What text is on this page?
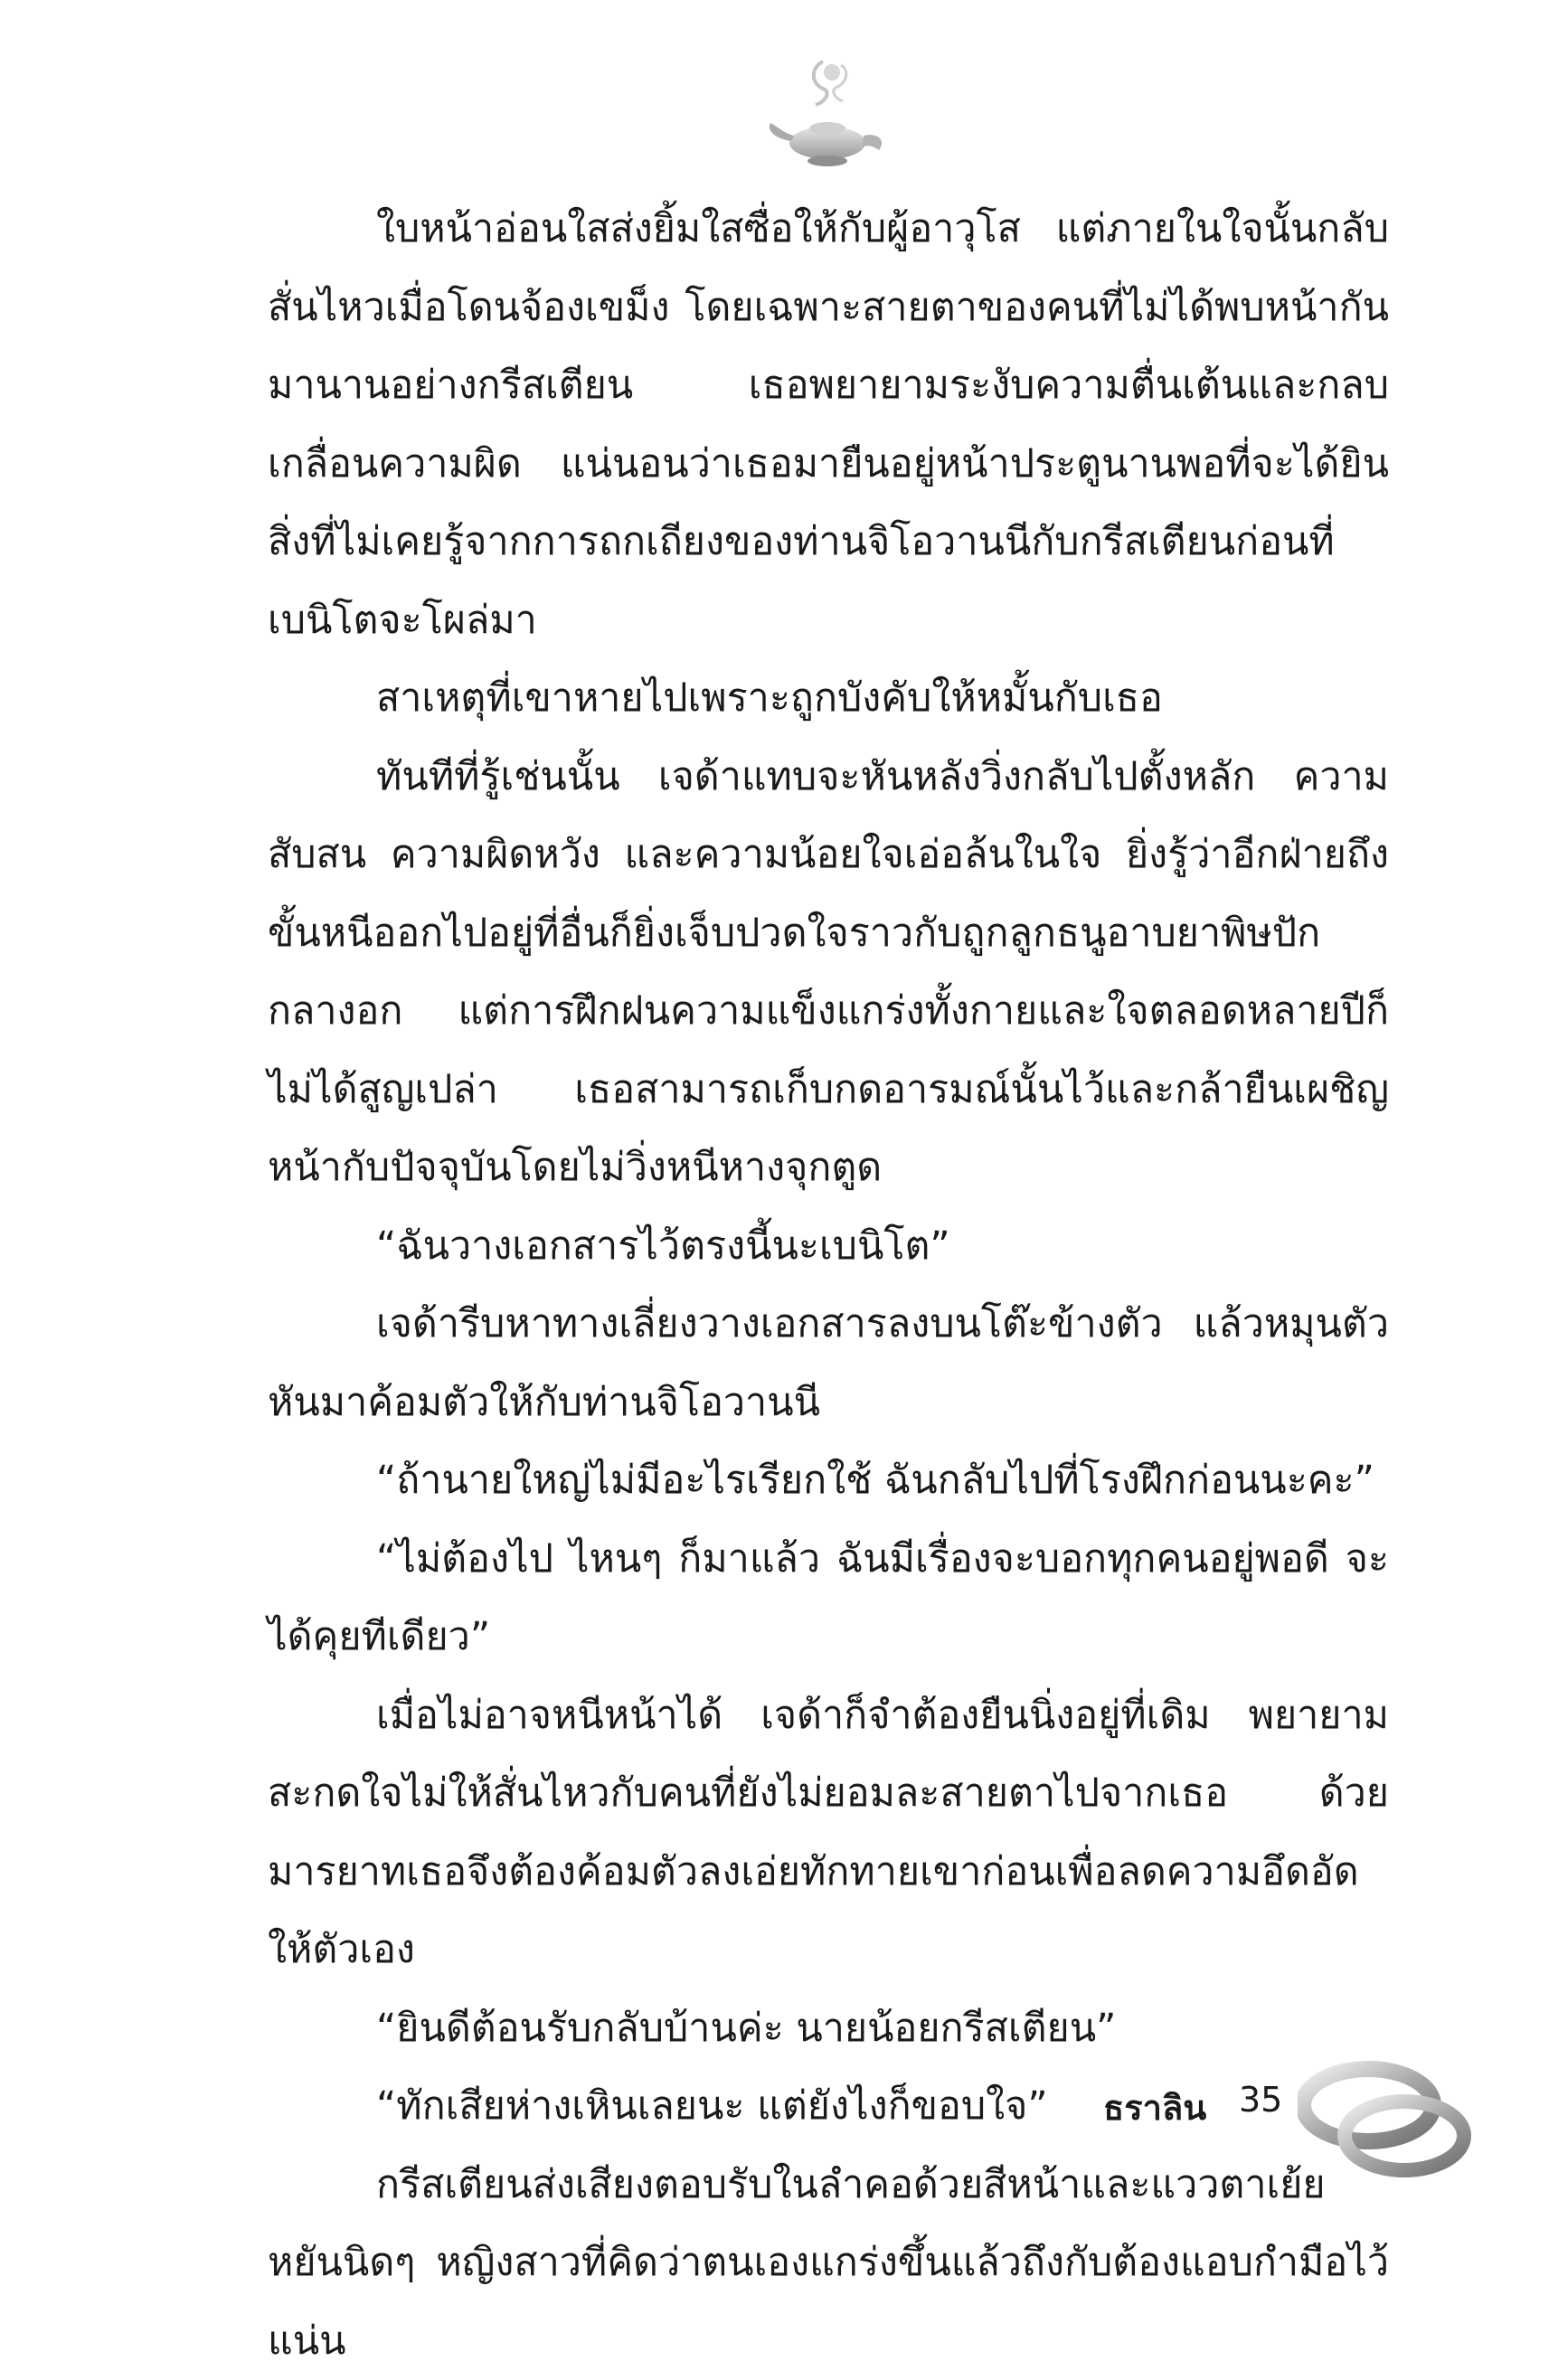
ใบหน้าอ่อนใสส่งยิ้มใสซื่อให้กับผู้อาวุโส แต่ภายในใจนั้นกลับสั่นไหวเมื่อโดนจ้องเขม็ง โดยเฉพาะสายตาของคนที่ไม่ได้พบหน้ากันมานานอย่างกรีสเตียน เธอพยายามระงับความตื่นเต้นและกลบเกลื่อนความผิด แน่นอนว่าเธอมายืนอยู่หน้าประตูนานพอที่จะได้ยินสิ่งที่ไม่เคยรู้จากการถกเถียงของท่านจิโอวานนีกับกรีสเตียนก่อนที่เบนิโตจะโผล่มา

สาเหตุที่เขาหายไปเพราะถูกบังคับให้หมั้นกับเธอ

ทันทีที่รู้เช่นนั้น เจด้าแทบจะหันหลังวิ่งกลับไปตั้งหลัก ความสับสน ความผิดหวัง และความน้อยใจเอ่อล้นในใจ ยิ่งรู้ว่าอีกฝ่ายถึงขั้นหนีออกไปอยู่ที่อื่นก็ยิ่งเจ็บปวดใจราวกับถูกลูกธนูอาบยาพิษปักกลางอก แต่การฝึกฝนความแข็งแกร่งทั้งกายและใจตลอดหลายปีก็ไม่ได้สูญเปล่า เธอสามารถเก็บกดอารมณ์นั้นไว้และกล้ายืนเผชิญหน้ากับปัจจุบันโดยไม่วิ่งหนีหางจุกตูด

“ฉันวางเอกสารไว้ตรงนี้นะเบนิโต”

เจด้ารีบหาทางเลี่ยงวางเอกสารลงบนโต๊ะข้างตัว แล้วหมุนตัวหันมาค้อมตัวให้กับท่านจิโอวานนี

“ถ้านายใหญ่ไม่มีอะไรเรียกใช้ ฉันกลับไปที่โรงฝึกก่อนนะคะ”

“ไม่ต้องไป ไหนๆ ก็มาแล้ว ฉันมีเรื่องจะบอกทุกคนอยู่พอดี จะได้คุยทีเดียว”

เมื่อไม่อาจหนีหน้าได้ เจด้าก็จำต้องยืนนิ่งอยู่ที่เดิม พยายามสะกดใจไม่ให้สั่นไหวกับคนที่ยังไม่ยอมละสายตาไปจากเธอ ด้วยมารยาทเธอจึงต้องค้อมตัวลงเอ่ยทักทายเขาก่อนเพื่อลดความอึดอัดให้ตัวเอง

“ยินดีต้อนรับกลับบ้านค่ะ นายน้อยกรีสเตียน”

“ทักเสียห่างเหินเลยนะ แต่ยังไงก็ขอบใจ”

กรีสเตียนส่งเสียงตอบรับในลำคอด้วยสีหน้าและแววตาเย้ยหยันนิดๆ หญิงสาวที่คิดว่าตนเองแกร่งขึ้นแล้วถึงกับต้องแอบกำมือไว้แน่น

ธราลิน 35
